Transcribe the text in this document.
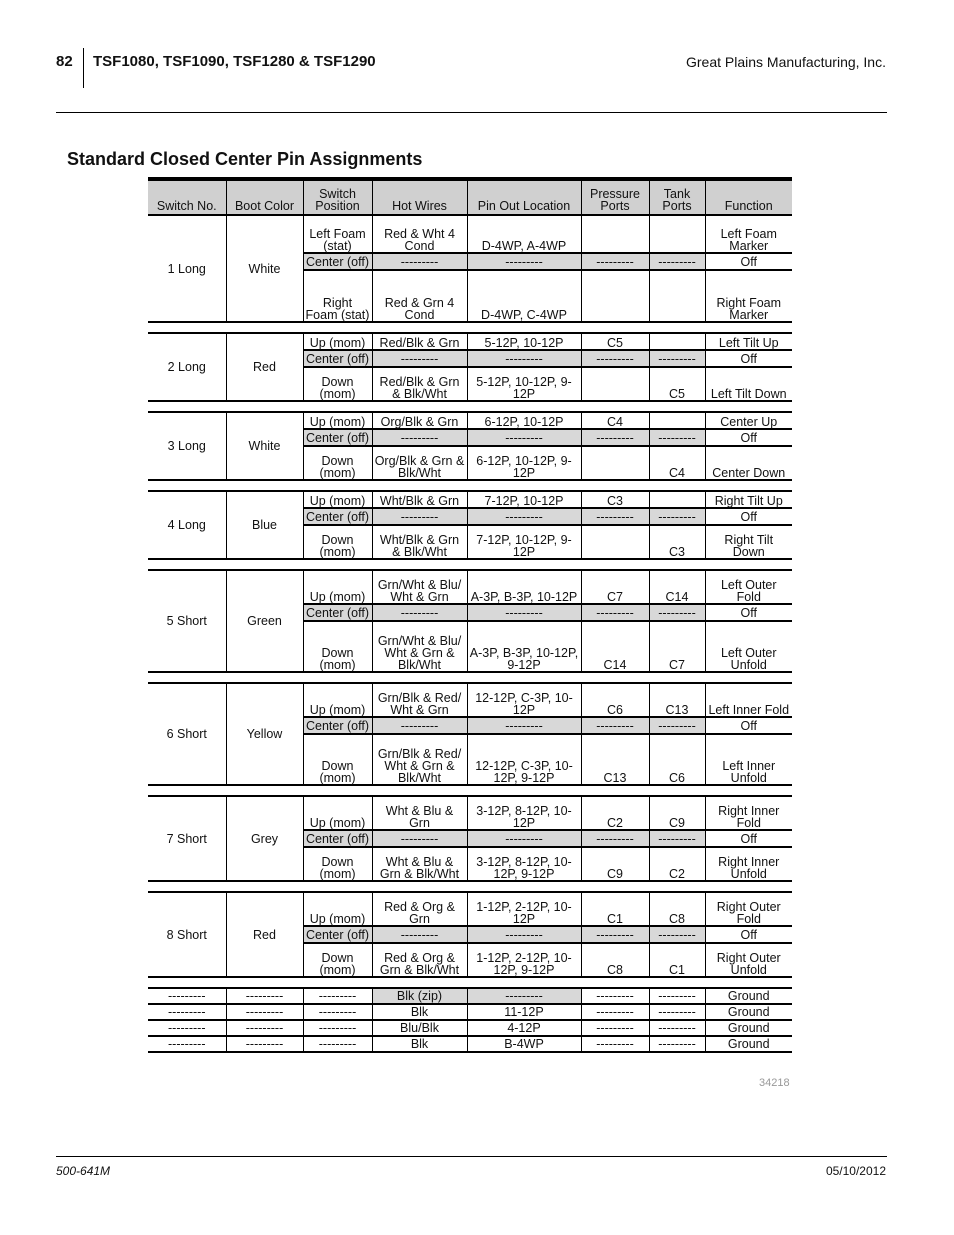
82 TSF1080, TSF1090, TSF1280 & TSF1290	Great Plains Manufacturing, Inc.
Standard Closed Center Pin Assignments
Switch No.	Boot Color	Switch Position	Hot Wires	Pin Out Location	Pressure Ports	Tank Ports	Function
1 Long	White	Left Foam (stat)	Red & Wht 4 Cond	D-4WP, A-4WP			Left Foam Marker
		Center (off)	---------	---------	---------	---------	Off
		Right Foam (stat)	Red & Grn 4 Cond	D-4WP, C-4WP			Right Foam Marker

2 Long	Red	Up (mom)	Red/Blk & Grn	5-12P, 10-12P	C5		Left Tilt Up
		Center (off)	---------	---------	---------	---------	Off
		Down (mom)	Red/Blk & Grn & Blk/Wht	5-12P, 10-12P, 9-12P		C5	Left Tilt Down

3 Long	White	Up (mom)	Org/Blk & Grn	6-12P, 10-12P	C4		Center Up
		Center (off)	---------	---------	---------	---------	Off
		Down (mom)	Org/Blk & Grn & Blk/Wht	6-12P, 10-12P, 9-12P		C4	Center Down

4 Long	Blue	Up (mom)	Wht/Blk & Grn	7-12P, 10-12P	C3		Right Tilt Up
		Center (off)	---------	---------	---------	---------	Off
		Down (mom)	Wht/Blk & Grn & Blk/Wht	7-12P, 10-12P, 9-12P		C3	Right Tilt Down

5 Short	Green	Up (mom)	Grn/Wht & Blu/ Wht & Grn	A-3P, B-3P, 10-12P	C7	C14	Left Outer Fold
		Center (off)	---------	---------	---------	---------	Off
		Down (mom)	Grn/Wht & Blu/ Wht & Grn & Blk/Wht	A-3P, B-3P, 10-12P, 9-12P	C14	C7	Left Outer Unfold

6 Short	Yellow	Up (mom)	Grn/Blk & Red/ Wht & Grn	12-12P, C-3P, 10-12P	C6	C13	Left Inner Fold
		Center (off)	---------	---------	---------	---------	Off
		Down (mom)	Grn/Blk & Red/ Wht & Grn & Blk/Wht	12-12P, C-3P, 10-12P, 9-12P	C13	C6	Left Inner Unfold

7 Short	Grey	Up (mom)	Wht & Blu & Grn	3-12P, 8-12P, 10-12P	C2	C9	Right Inner Fold
		Center (off)	---------	---------	---------	---------	Off
		Down (mom)	Wht & Blu & Grn & Blk/Wht	3-12P, 8-12P, 10-12P, 9-12P	C9	C2	Right Inner Unfold

8 Short	Red	Up (mom)	Red & Org & Grn	1-12P, 2-12P, 10-12P	C1	C8	Right Outer Fold
		Center (off)	---------	---------	---------	---------	Off
		Down (mom)	Red & Org & Grn & Blk/Wht	1-12P, 2-12P, 10-12P, 9-12P	C8	C1	Right Outer Unfold

---------	---------	---------	Blk (zip)	---------	---------	---------	Ground
---------	---------	---------	Blk	11-12P	---------	---------	Ground
---------	---------	---------	Blu/Blk	4-12P	---------	---------	Ground
---------	---------	---------	Blk	B-4WP	---------	---------	Ground
34218
500-641M	05/10/2012
